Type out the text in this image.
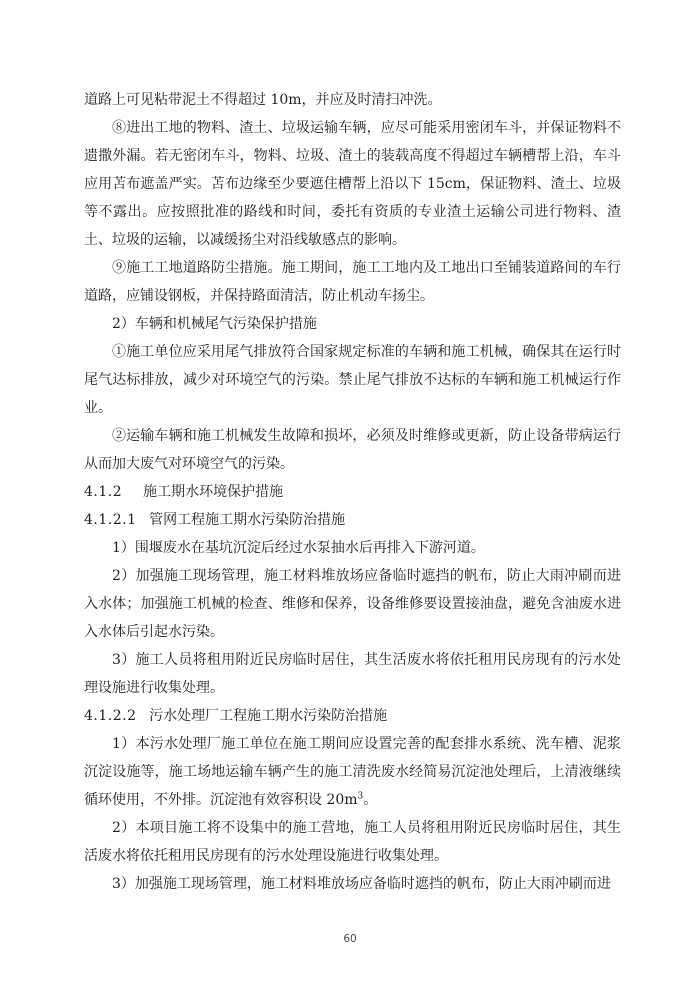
道路上可见粘带泥土不得超过 10m，并应及时清扫冲洗。

⑧进出工地的物料、渣土、垃圾运输车辆，应尽可能采用密闭车斗，并保证物料不遗撒外漏。若无密闭车斗，物料、垃圾、渣土的装载高度不得超过车辆槽帮上沿，车斗应用苫布遮盖严实。苫布边缘至少要遮住槽帮上沿以下 15cm，保证物料、渣土、垃圾等不露出。应按照批准的路线和时间，委托有资质的专业渣土运输公司进行物料、渣土、垃圾的运输，以减缓扬尘对沿线敏感点的影响。

⑨施工工地道路防尘措施。施工期间，施工工地内及工地出口至铺装道路间的车行道路，应铺设钢板，并保持路面清洁，防止机动车扬尘。

2）车辆和机械尾气污染保护措施

①施工单位应采用尾气排放符合国家规定标准的车辆和施工机械，确保其在运行时尾气达标排放，减少对环境空气的污染。禁止尾气排放不达标的车辆和施工机械运行作业。

②运输车辆和施工机械发生故障和损坏，必须及时维修或更新，防止设备带病运行从而加大废气对环境空气的污染。

4.1.2 施工期水环境保护措施

4.1.2.1 管网工程施工期水污染防治措施

1）围堰废水在基坑沉淀后经过水泵抽水后再排入下游河道。

2）加强施工现场管理，施工材料堆放场应备临时遮挡的帆布，防止大雨冲刷而进入水体；加强施工机械的检查、维修和保养，设备维修要设置接油盘，避免含油废水进入水体后引起水污染。

3）施工人员将租用附近民房临时居住，其生活废水将依托租用民房现有的污水处理设施进行收集处理。

4.1.2.2 污水处理厂工程施工期水污染防治措施

1）本污水处理厂施工单位在施工期间应设置完善的配套排水系统、洗车槽、泥浆沉淀设施等，施工场地运输车辆产生的施工清洗废水经简易沉淀池处理后，上清液继续循环使用，不外排。沉淀池有效容积设 $20m^3$。

2）本项目施工将不设集中的施工营地，施工人员将租用附近民房临时居住，其生活废水将依托租用民房现有的污水处理设施进行收集处理。

3）加强施工现场管理，施工材料堆放场应备临时遮挡的帆布，防止大雨冲刷而进

60
